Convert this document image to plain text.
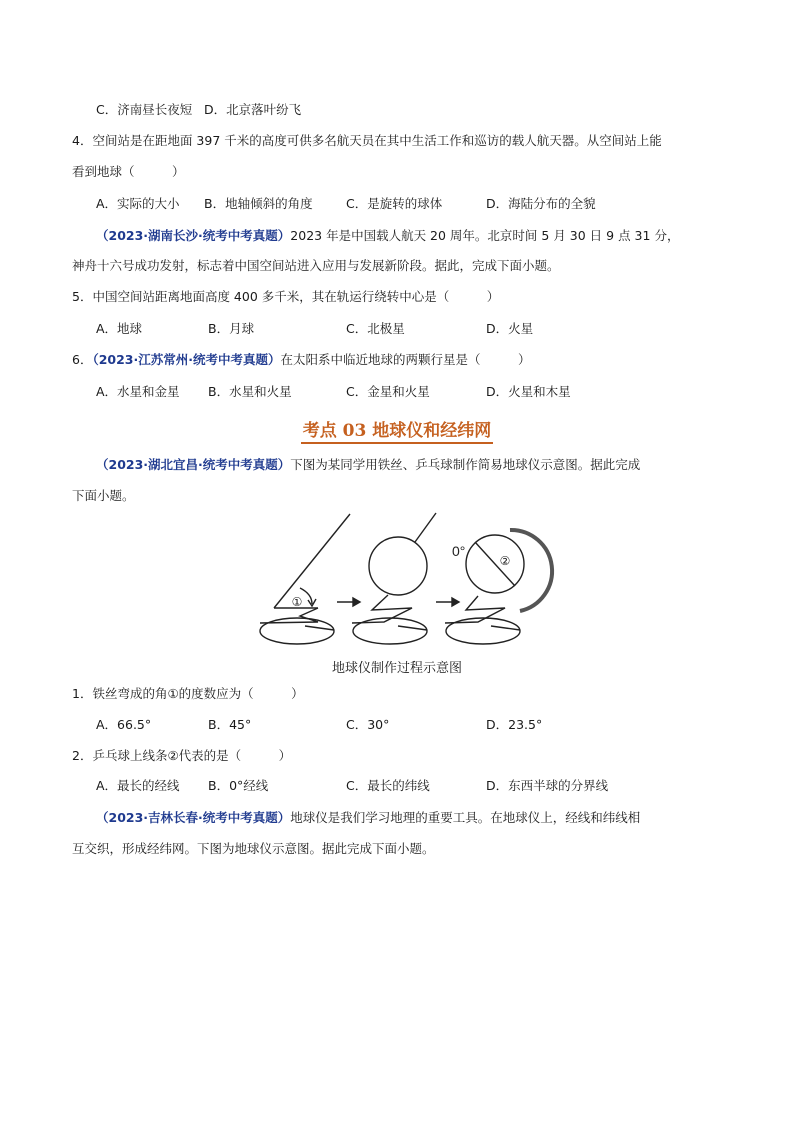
C．济南昼长夜短 D．北京落叶纷飞
4．空间站是在距地面 397 千米的高度可供多名航天员在其中生活工作和巡访的载人航天器。从空间站上能
看到地球（　　　）
A．实际的大小 B．地轴倾斜的角度	C．是旋转的球体	D．海陆分布的全貌
（2023·湖南长沙·统考中考真题）2023 年是中国载人航天 20 周年。北京时间 5 月 30 日 9 点 31 分，
神舟十六号成功发射，标志着中国空间站进入应用与发展新阶段。据此，完成下面小题。
5．中国空间站距离地面高度 400 多千米，其在轨运行绕转中心是（　　　）
A．地球	B．月球	C．北极星	D．火星
6．（2023·江苏常州·统考中考真题）在太阳系中临近地球的两颗行星是（　　　）
A．水星和金星 B．水星和火星	C．金星和火星	D．火星和木星
考点 03 地球仪和经纬网
（2023·湖北宜昌·统考中考真题）下图为某同学用铁丝、乒乓球制作简易地球仪示意图。据此完成
下面小题。
①
②
0°
地球仪制作过程示意图
1．铁丝弯成的角①的度数应为（　　　）
A．66.5°	B．45°	C．30°	D．23.5°
2．乒乓球上线条②代表的是（　　　）
A．最长的经线 B．0°经线	C．最长的纬线	D．东西半球的分界线
（2023·吉林长春·统考中考真题）地球仪是我们学习地理的重要工具。在地球仪上，经线和纬线相
互交织，形成经纬网。下图为地球仪示意图。据此完成下面小题。
